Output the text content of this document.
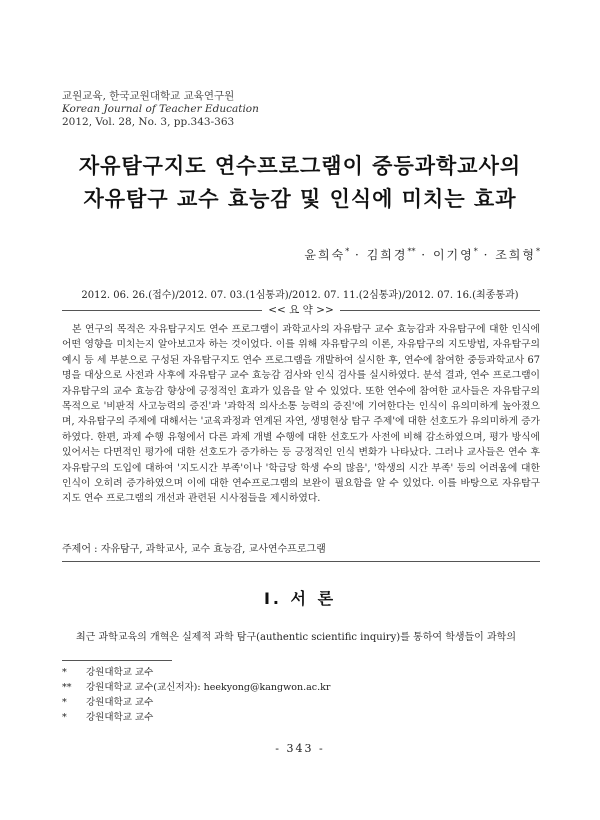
교원교육, 한국교원대학교 교육연구원
Korean Journal of Teacher Education
2012, Vol. 28, No. 3, pp.343-363
자유탐구지도 연수프로그램이 중등과학교사의
자유탐구 교수 효능감 및 인식에 미치는 효과
윤희숙* · 김희경** · 이기영* · 조희형*
2012. 06. 26.(접수)/2012. 07. 03.(1심통과)/2012. 07. 11.(2심통과)/2012. 07. 16.(최종통과)
<< 요 약 >>

본 연구의 목적은 자유탐구지도 연수 프로그램이 과학교사의 자유탐구 교수 효능감과 자유탐구에 대한 인식에 어떤 영향을 미치는지 알아보고자 하는 것이었다. 이를 위해 자유탐구의 이론, 자유탐구의 지도방법, 자유탐구의 예시 등 세 부분으로 구성된 자유탐구지도 연수 프로그램을 개발하여 실시한 후, 연수에 참여한 중등과학교사 67명을 대상으로 사전과 사후에 자유탐구 교수 효능감 검사와 인식 검사를 실시하였다. 분석 결과, 연수 프로그램이 자유탐구의 교수 효능감 향상에 긍정적인 효과가 있음을 알 수 있었다. 또한 연수에 참여한 교사들은 자유탐구의 목적으로 '비판적 사고능력의 증진'과 '과학적 의사소통 능력의 증진'에 기여한다는 인식이 유의미하게 높아졌으며, 자유탐구의 주제에 대해서는 '교육과정과 연계된 자연, 생명현상 탐구 주제'에 대한 선호도가 유의미하게 증가하였다. 한편, 과제 수행 유형에서 다른 과제 개별 수행에 대한 선호도가 사전에 비해 감소하였으며, 평가 방식에 있어서는 다면적인 평가에 대한 선호도가 증가하는 등 긍정적인 인식 변화가 나타났다. 그러나 교사들은 연수 후 자유탐구의 도입에 대하여 '지도시간 부족'이나 '학급당 학생 수의 많음', '학생의 시간 부족' 등의 어려움에 대한 인식이 오히려 증가하였으며 이에 대한 연수프로그램의 보완이 필요함을 알 수 있었다. 이를 바탕으로 자유탐구지도 연수 프로그램의 개선과 관련된 시사점들을 제시하였다.

주제어 : 자유탐구, 과학교사, 교수 효능감, 교사연수프로그램
Ⅰ. 서 론
최근 과학교육의 개혁은 실제적 과학 탐구(authentic scientific inquiry)를 통하여 학생들이 과학의
* 강원대학교 교수
** 강원대학교 교수(교신저자): heekyong@kangwon.ac.kr
* 강원대학교 교수
* 강원대학교 교수
- 343 -
